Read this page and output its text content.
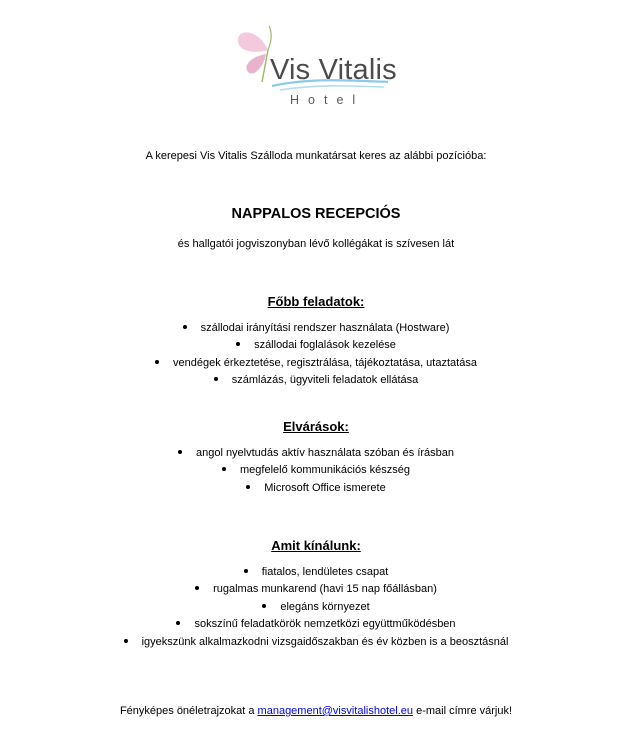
Vis Vitalis
Hotel
A kerepesi Vis Vitalis Szálloda munkatársat keres az alábbi pozícióba:
NAPPALOS RECEPCIÓS
és hallgatói jogviszonyban lévő kollégákat is szívesen lát
Főbb feladatok:
szállodai irányítási rendszer használata (Hostware)
szállodai foglalások kezelése
vendégek érkeztetése, regisztrálása, tájékoztatása, utaztatása
számlázás, ügyviteli feladatok ellátása
Elvárások:
angol nyelvtudás aktív használata szóban és írásban
megfelelő kommunikációs készség
Microsoft Office ismerete
Amit kínálunk:
fiatalos, lendületes csapat
rugalmas munkarend (havi 15 nap főállásban)
elegáns környezet
sokszínű feladatkörök nemzetközi együttműködésben
igyekszünk alkalmazkodni vizsgaidőszakban és év közben is a beosztásnál
Fényképes önéletrajzokat a management@visvitalishotel.eu e-mail címre várjuk!
